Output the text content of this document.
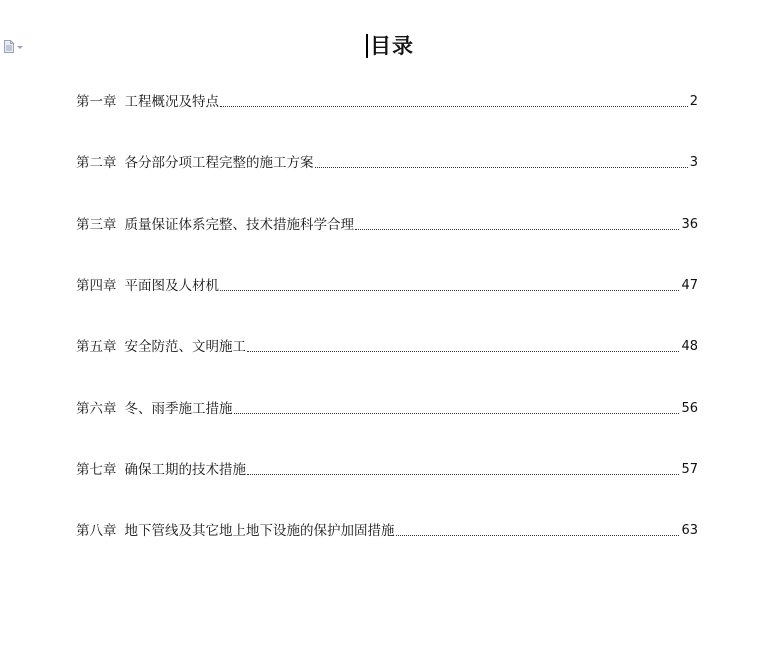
目录
第一章 工程概况及特点	2
第二章 各分部分项工程完整的施工方案	3
第三章 质量保证体系完整、技术措施科学合理	36
第四章 平面图及人材机	47
第五章 安全防范、文明施工	48
第六章 冬、雨季施工措施	56
第七章 确保工期的技术措施	57
第八章 地下管线及其它地上地下设施的保护加固措施	63
